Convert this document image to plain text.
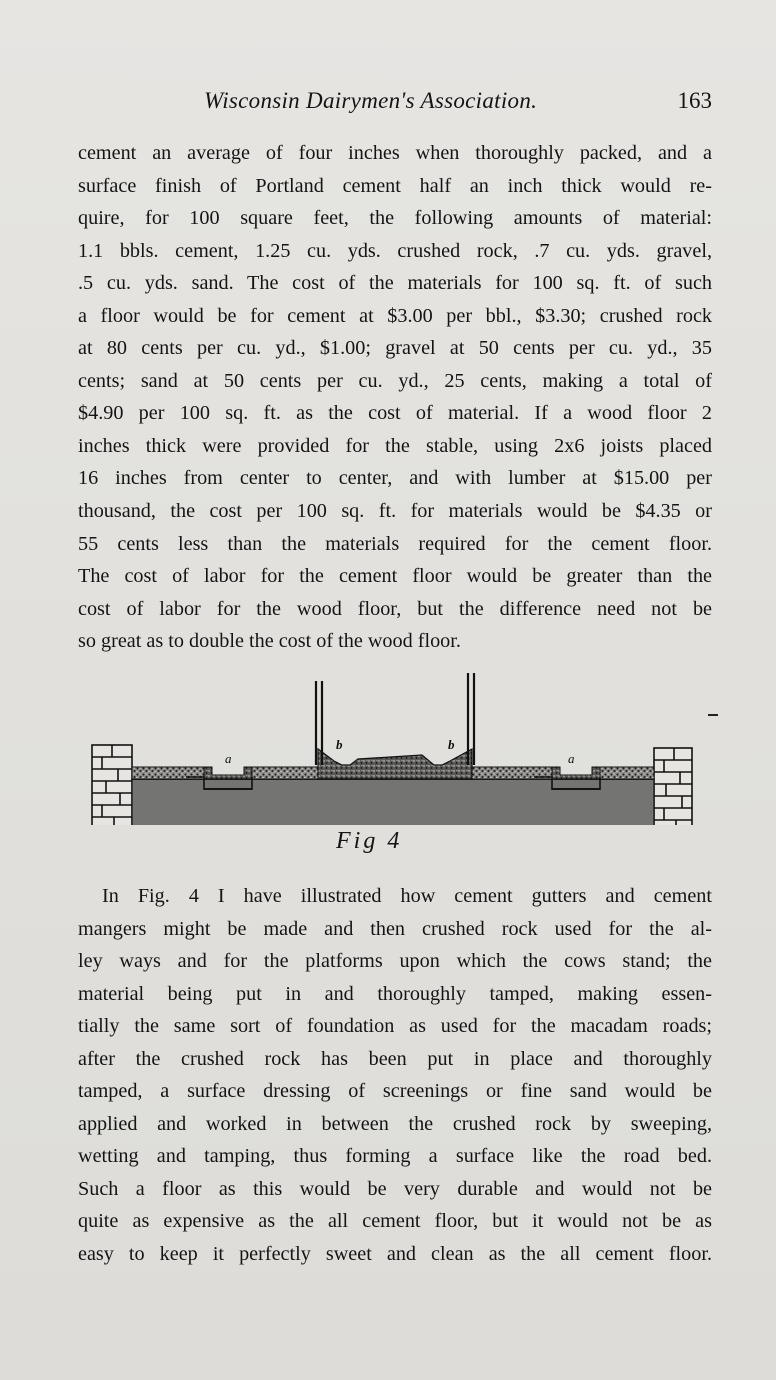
Wisconsin Dairymen's Association.	163
cement an average of four inches when thoroughly packed, and a
surface finish of Portland cement half an inch thick would re-
quire, for 100 square feet, the following amounts of material:
1.1 bbls. cement, 1.25 cu. yds. crushed rock, .7 cu. yds. gravel,
.5 cu. yds. sand. The cost of the materials for 100 sq. ft. of such
a floor would be for cement at $3.00 per bbl., $3.30; crushed rock
at 80 cents per cu. yd., $1.00; gravel at 50 cents per cu. yd., 35
cents; sand at 50 cents per cu. yd., 25 cents, making a total of
$4.90 per 100 sq. ft. as the cost of material. If a wood floor 2
inches thick were provided for the stable, using 2x6 joists placed
16 inches from center to center, and with lumber at $15.00 per
thousand, the cost per 100 sq. ft. for materials would be $4.35 or
55 cents less than the materials required for the cement floor.
The cost of labor for the cement floor would be greater than the
cost of labor for the wood floor, but the difference need not be
so great as to double the cost of the wood floor.
a	a
b	b
Fig 4
In Fig. 4 I have illustrated how cement gutters and cement
mangers might be made and then crushed rock used for the al-
ley ways and for the platforms upon which the cows stand; the
material being put in and thoroughly tamped, making essen-
tially the same sort of foundation as used for the macadam roads;
after the crushed rock has been put in place and thoroughly
tamped, a surface dressing of screenings or fine sand would be
applied and worked in between the crushed rock by sweeping,
wetting and tamping, thus forming a surface like the road bed.
Such a floor as this would be very durable and would not be
quite as expensive as the all cement floor, but it would not be as
easy to keep it perfectly sweet and clean as the all cement floor.
